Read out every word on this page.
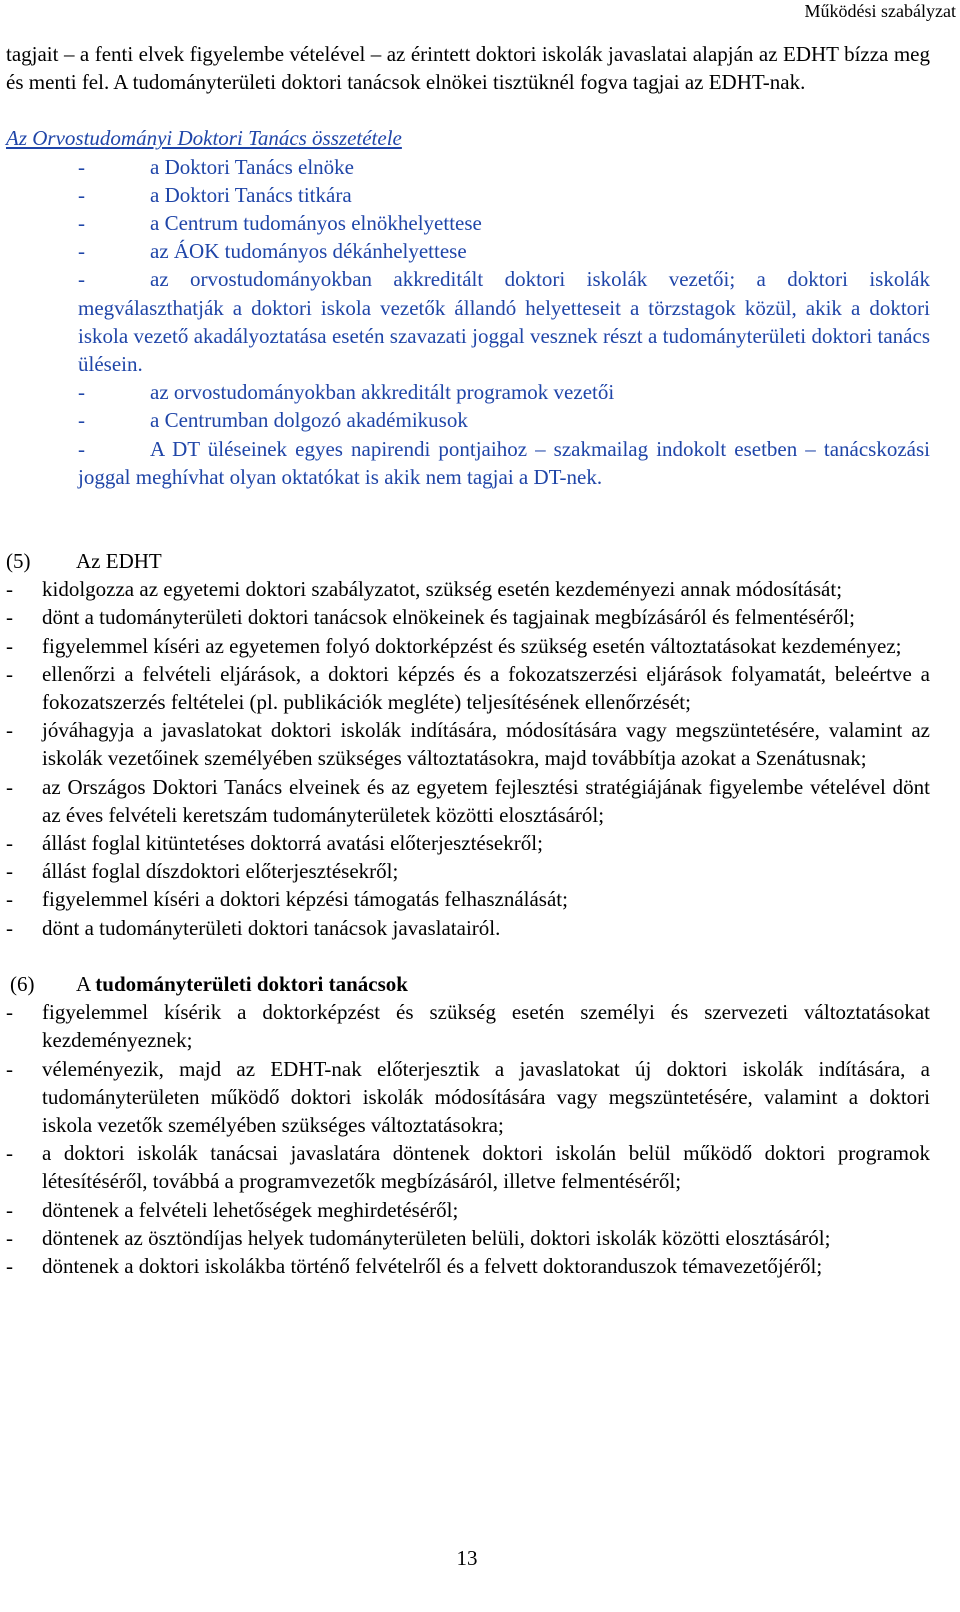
Működési szabályzat

tagjait – a fenti elvek figyelembe vételével – az érintett doktori iskolák javaslatai alapján az EDHT bízza meg és menti fel. A tudományterületi doktori tanácsok elnökei tisztüknél fogva tagjai az EDHT-nak.

Az Orvostudományi Doktori Tanács összetétele
-	a Doktori Tanács elnöke
-	a Doktori Tanács titkára
-	a Centrum tudományos elnökhelyettese
-	az ÁOK tudományos dékánhelyettese
-	az orvostudományokban akkreditált doktori iskolák vezetői; a doktori iskolák megválaszthatják a doktori iskola vezetők állandó helyetteseit a törzstagok közül, akik a doktori iskola vezető akadályoztatása esetén szavazati joggal vesznek részt a tudományterületi doktori tanács ülésein.
-	az orvostudományokban akkreditált programok vezetői
-	a Centrumban dolgozó akadémikusok
-	A DT üléseinek egyes napirendi pontjaihoz – szakmailag indokolt esetben – tanácskozási joggal meghívhat olyan oktatókat is akik nem tagjai a DT-nek.
(5) Az EDHT
- kidolgozza az egyetemi doktori szabályzatot, szükség esetén kezdeményezi annak módosítását;
- dönt a tudományterületi doktori tanácsok elnökeinek és tagjainak megbízásáról és felmentéséről;
- figyelemmel kíséri az egyetemen folyó doktorképzést és szükség esetén változtatásokat kezdeményez;
- ellenőrzi a felvételi eljárások, a doktori képzés és a fokozatszerzési eljárások folyamatát, beleértve a fokozatszerzés feltételei (pl. publikációk megléte) teljesítésének ellenőrzését;
- jóváhagyja a javaslatokat doktori iskolák indítására, módosítására vagy megszüntetésére, valamint az iskolák vezetőinek személyében szükséges változtatásokra, majd továbbítja azokat a Szenátusnak;
- az Országos Doktori Tanács elveinek és az egyetem fejlesztési stratégiájának figyelembe vételével dönt az éves felvételi keretszám tudományterületek közötti elosztásáról;
- állást foglal kitüntetéses doktorrá avatási előterjesztésekről;
- állást foglal díszdoktori előterjesztésekről;
- figyelemmel kíséri a doktori képzési támogatás felhasználását;
- dönt a tudományterületi doktori tanácsok javaslatairól.
(6) A tudományterületi doktori tanácsok
- figyelemmel kísérik a doktorképzést és szükség esetén személyi és szervezeti változtatásokat kezdeményeznek;
- véleményezik, majd az EDHT-nak előterjesztik a javaslatokat új doktori iskolák indítására, a tudományterületen működő doktori iskolák módosítására vagy megszüntetésére, valamint a doktori iskola vezetők személyében szükséges változtatásokra;
- a doktori iskolák tanácsai javaslatára döntenek doktori iskolán belül működő doktori programok létesítéséről, továbbá a programvezetők megbízásáról, illetve felmentéséről;
- döntenek a felvételi lehetőségek meghirdetéséről;
- döntenek az ösztöndíjas helyek tudományterületen belüli, doktori iskolák közötti elosztásáról;
- döntenek a doktori iskolákba történő felvételről és a felvett doktoranduszok témavezetőjéről;
13
